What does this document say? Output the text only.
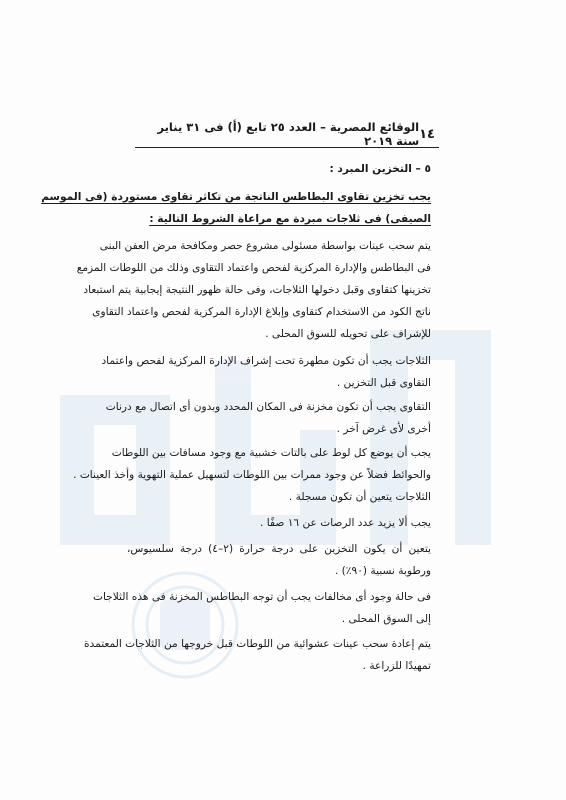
١٤
الوقائع المصرية – العدد ٢٥ تابع (أ) فى ٣١ يناير سنة ٢٠١٩
٥ – التخزين المبرد :
يجب تخزين تقاوى البطاطس الناتجة من تكاثر تقاوى مستوردة (فى الموسم
الصيفى) فى ثلاجات مبردة مع مراعاة الشروط التالية :
يتم سحب عينات بواسطة مسئولى مشروع حصر ومكافحة مرض العفن البنى
فى البطاطس والإدارة المركزية لفحص واعتماد التقاوى وذلك من اللوطات المزمع
تخزينها كتقاوى وقبل دخولها الثلاجات، وفى حالة ظهور النتيجة إيجابية يتم استبعاد
ناتج الكود من الاستخدام كتقاوى وإبلاغ الإدارة المركزية لفحص واعتماد التقاوى
للإشراف على تحويله للسوق المحلى .
الثلاجات يجب أن تكون مطهرة تحت إشراف الإدارة المركزية لفحص واعتماد
التقاوى قبل التخزين .
التقاوى يجب أن تكون مخزنة فى المكان المحدد وبدون أى اتصال مع درنات
أخرى لأى غرض آخر .
يجب أن يوضع كل لوط على بالتات خشبية مع وجود مسافات بين اللوطات
والحوائط فضلاً عن وجود ممرات بين اللوطات لتسهيل عملية التهوية وأخذ العينات .
الثلاجات يتعين أن تكون مسجلة .
يجب ألا يزيد عدد الرصات عن ١٦ صفًا .
يتعين أن يكون التخزين على درجة حرارة (٢–٤) درجة سلسيوس،
ورطوبة نسبية (٩٠٪) .
فى حالة وجود أى مخالفات يجب أن توجه البطاطس المخزنة فى هذه الثلاجات
إلى السوق المحلى .
يتم إعادة سحب عينات عشوائية من اللوطات قبل خروجها من الثلاجات المعتمدة
تمهيدًا للزراعة .
